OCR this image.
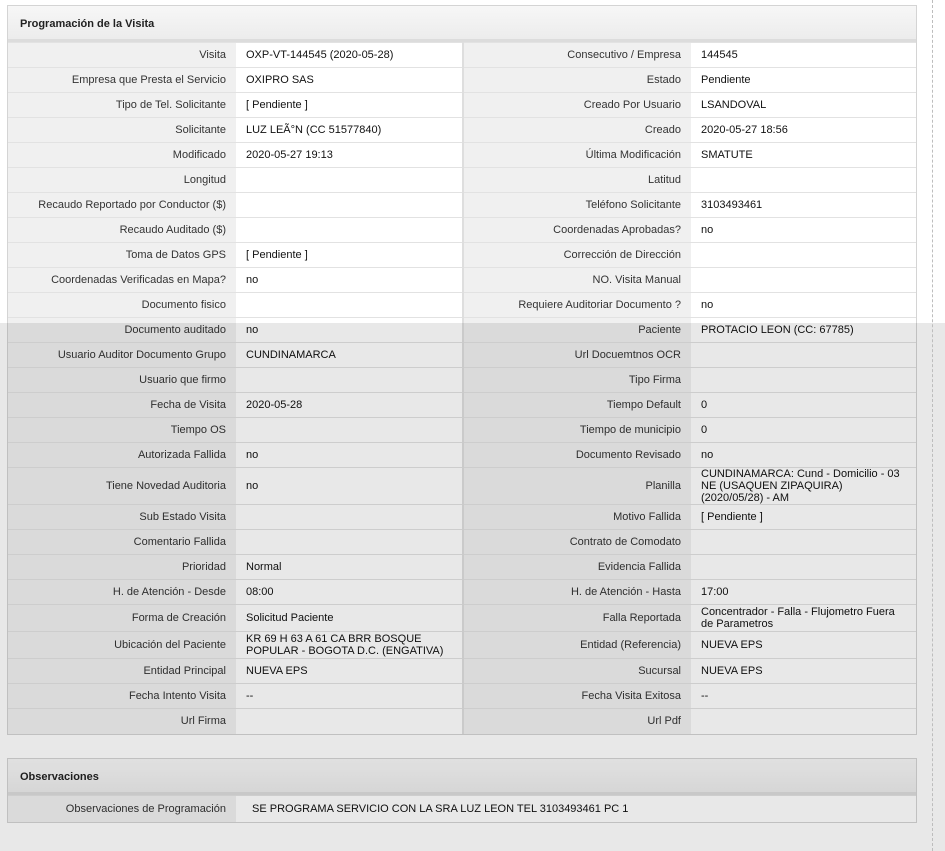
Programación de la Visita
Visita	OXP-VT-144545 (2020-05-28)	Consecutivo / Empresa	144545
Empresa que Presta el Servicio	OXIPRO SAS	Estado	Pendiente
Tipo de Tel. Solicitante	[ Pendiente ]	Creado Por Usuario	LSANDOVAL
Solicitante	LUZ LEÃ°N (CC 51577840)	Creado	2020-05-27 18:56
Modificado	2020-05-27 19:13	Última Modificación	SMATUTE
Longitud		Latitud	
Recaudo Reportado por Conductor ($)		Teléfono Solicitante	3103493461
Recaudo Auditado ($)		Coordenadas Aprobadas?	no
Toma de Datos GPS	[ Pendiente ]	Corrección de Dirección	
Coordenadas Verificadas en Mapa?	no	NO. Visita Manual	
Documento fisico		Requiere Auditoriar Documento ?	no
Documento auditado	no	Paciente	PROTACIO LEON (CC: 67785)
Usuario Auditor Documento Grupo	CUNDINAMARCA	Url Docuemtnos OCR	
Usuario que firmo		Tipo Firma	
Fecha de Visita	2020-05-28	Tiempo Default	0
Tiempo OS		Tiempo de municipio	0
Autorizada Fallida	no	Documento Revisado	no
Tiene Novedad Auditoria	no	Planilla	CUNDINAMARCA: Cund - Domicilio - 03 NE (USAQUEN ZIPAQUIRA) (2020/05/28) - AM
Sub Estado Visita		Motivo Fallida	[ Pendiente ]
Comentario Fallida		Contrato de Comodato	
Prioridad	Normal	Evidencia Fallida	
H. de Atención - Desde	08:00	H. de Atención - Hasta	17:00
Forma de Creación	Solicitud Paciente	Falla Reportada	Concentrador - Falla - Flujometro Fuera de Parametros
Ubicación del Paciente	KR 69 H 63 A 61 CA BRR BOSQUE POPULAR - BOGOTA D.C. (ENGATIVA)	Entidad (Referencia)	NUEVA EPS
Entidad Principal	NUEVA EPS	Sucursal	NUEVA EPS
Fecha Intento Visita	--	Fecha Visita Exitosa	--
Url Firma		Url Pdf	
Observaciones
Observaciones de Programación	SE PROGRAMA SERVICIO CON LA SRA LUZ LEON TEL 3103493461 PC 1
